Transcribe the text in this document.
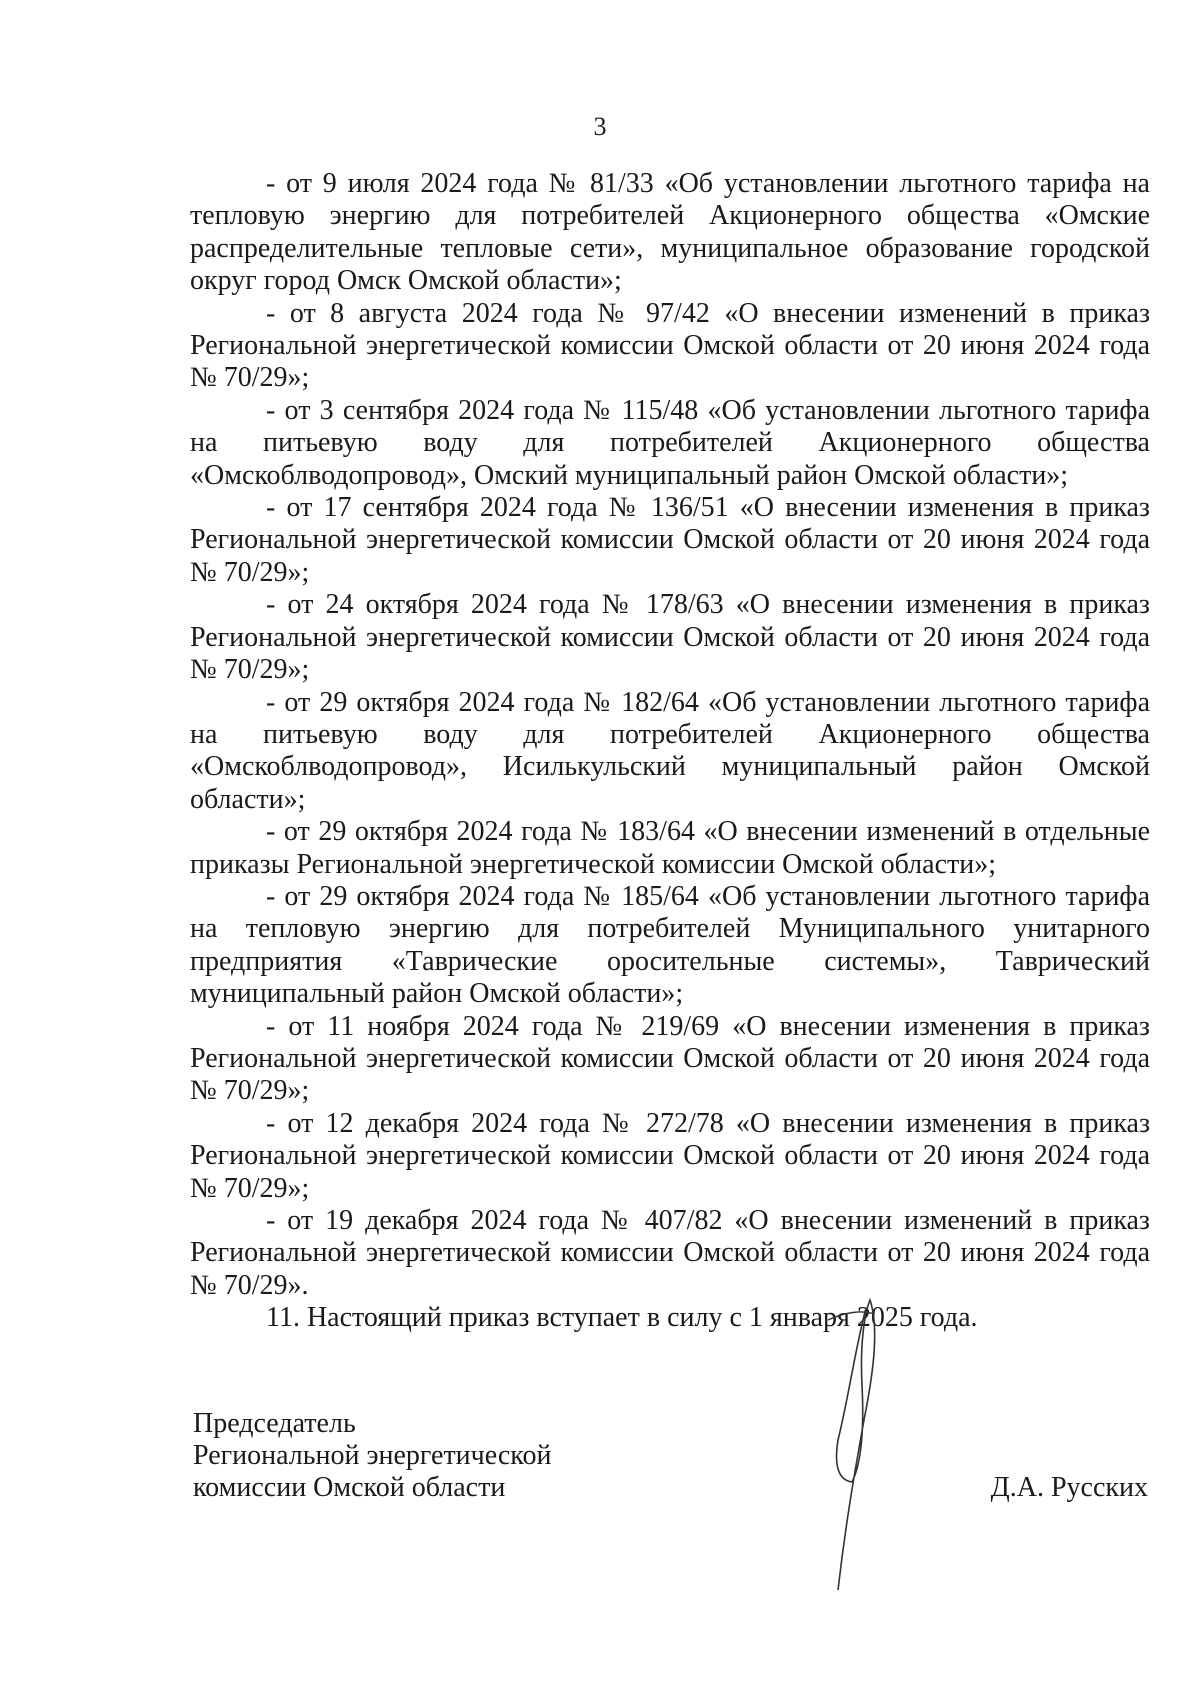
3

- от 9 июля 2024 года № 81/33 «Об установлении льготного тарифа на тепловую энергию для потребителей Акционерного общества «Омские распределительные тепловые сети», муниципальное образование городской округ город Омск Омской области»;

- от 8 августа 2024 года № 97/42 «О внесении изменений в приказ Региональной энергетической комиссии Омской области от 20 июня 2024 года № 70/29»;

- от 3 сентября 2024 года № 115/48 «Об установлении льготного тарифа на питьевую воду для потребителей Акционерного общества «Омскоблводопровод», Омский муниципальный район Омской области»;

- от 17 сентября 2024 года № 136/51 «О внесении изменения в приказ Региональной энергетической комиссии Омской области от 20 июня 2024 года № 70/29»;

- от 24 октября 2024 года № 178/63 «О внесении изменения в приказ Региональной энергетической комиссии Омской области от 20 июня 2024 года № 70/29»;

- от 29 октября 2024 года № 182/64 «Об установлении льготного тарифа на питьевую воду для потребителей Акционерного общества «Омскоблводопровод», Исилькульский муниципальный район Омской области»;

- от 29 октября 2024 года № 183/64 «О внесении изменений в отдельные приказы Региональной энергетической комиссии Омской области»;

- от 29 октября 2024 года № 185/64 «Об установлении льготного тарифа на тепловую энергию для потребителей Муниципального унитарного предприятия «Таврические оросительные системы», Таврический муниципальный район Омской области»;

- от 11 ноября 2024 года № 219/69 «О внесении изменения в приказ Региональной энергетической комиссии Омской области от 20 июня 2024 года № 70/29»;

- от 12 декабря 2024 года № 272/78 «О внесении изменения в приказ Региональной энергетической комиссии Омской области от 20 июня 2024 года № 70/29»;

- от 19 декабря 2024 года № 407/82 «О внесении изменений в приказ Региональной энергетической комиссии Омской области от 20 июня 2024 года № 70/29».

11. Настоящий приказ вступает в силу с 1 января 2025 года.

Председатель
Региональной энергетической
комиссии Омской области	Д.А. Русских
